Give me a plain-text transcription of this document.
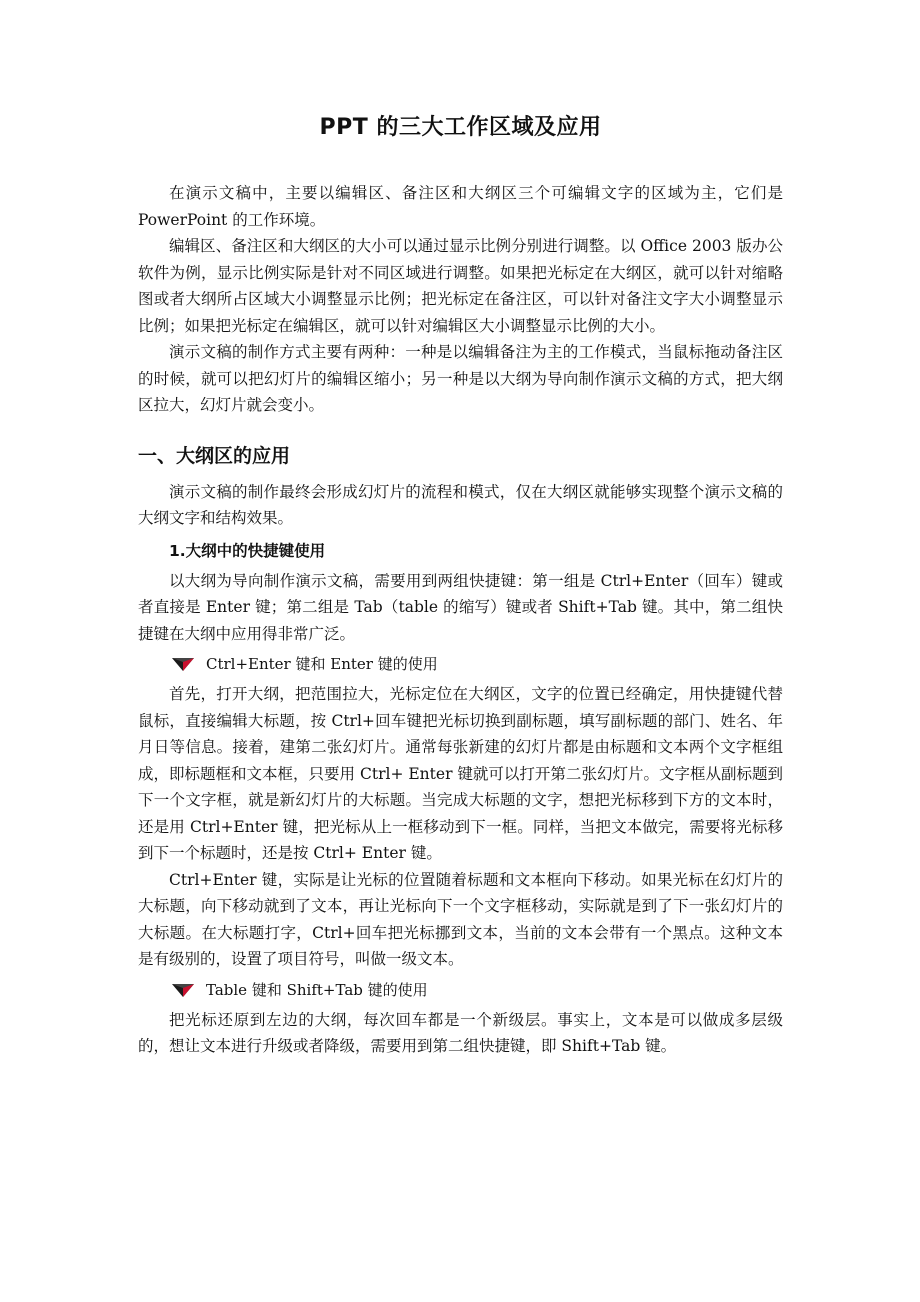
PPT 的三大工作区域及应用

在演示文稿中，主要以编辑区、备注区和大纲区三个可编辑文字的区域为主，它们是 PowerPoint 的工作环境。

编辑区、备注区和大纲区的大小可以通过显示比例分别进行调整。以 Office 2003 版办公软件为例，显示比例实际是针对不同区域进行调整。如果把光标定在大纲区，就可以针对缩略图或者大纲所占区域大小调整显示比例；把光标定在备注区，可以针对备注文字大小调整显示比例；如果把光标定在编辑区，就可以针对编辑区大小调整显示比例的大小。

演示文稿的制作方式主要有两种：一种是以编辑备注为主的工作模式，当鼠标拖动备注区的时候，就可以把幻灯片的编辑区缩小；另一种是以大纲为导向制作演示文稿的方式，把大纲区拉大，幻灯片就会变小。

一、大纲区的应用

演示文稿的制作最终会形成幻灯片的流程和模式，仅在大纲区就能够实现整个演示文稿的大纲文字和结构效果。

1.大纲中的快捷键使用

以大纲为导向制作演示文稿，需要用到两组快捷键：第一组是 Ctrl+Enter（回车）键或者直接是 Enter 键；第二组是 Tab（table 的缩写）键或者 Shift+Tab 键。其中，第二组快捷键在大纲中应用得非常广泛。

Ctrl+Enter 键和 Enter 键的使用

首先，打开大纲，把范围拉大，光标定位在大纲区，文字的位置已经确定，用快捷键代替鼠标，直接编辑大标题，按 Ctrl+回车键把光标切换到副标题，填写副标题的部门、姓名、年月日等信息。接着，建第二张幻灯片。通常每张新建的幻灯片都是由标题和文本两个文字框组成，即标题框和文本框，只要用 Ctrl+ Enter 键就可以打开第二张幻灯片。文字框从副标题到下一个文字框，就是新幻灯片的大标题。当完成大标题的文字，想把光标移到下方的文本时，还是用 Ctrl+Enter 键，把光标从上一框移动到下一框。同样，当把文本做完，需要将光标移到下一个标题时，还是按 Ctrl+ Enter 键。

Ctrl+Enter 键，实际是让光标的位置随着标题和文本框向下移动。如果光标在幻灯片的大标题，向下移动就到了文本，再让光标向下一个文字框移动，实际就是到了下一张幻灯片的大标题。在大标题打字，Ctrl+回车把光标挪到文本，当前的文本会带有一个黑点。这种文本是有级别的，设置了项目符号，叫做一级文本。

Table 键和 Shift+Tab 键的使用

把光标还原到左边的大纲，每次回车都是一个新级层。事实上，文本是可以做成多层级的，想让文本进行升级或者降级，需要用到第二组快捷键，即 Shift+Tab 键。
